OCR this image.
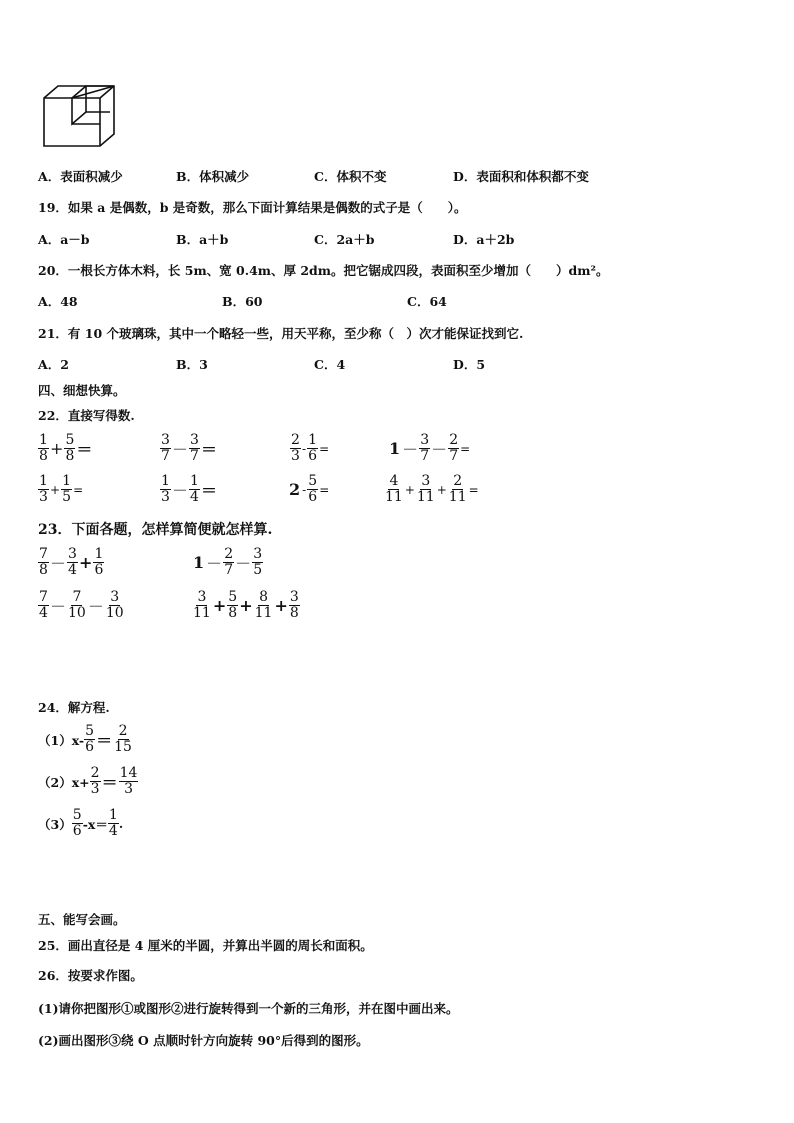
A．表面积减少	B．体积减少	C．体积不变	D．表面积和体积都不变
19．如果 a 是偶数，b 是奇数，那么下面计算结果是偶数的式子是（　　）。
A．a－b	B．a＋b	C．2a＋b	D．a＋2b
20．一根长方体木料，长 5m、宽 0.4m、厚 2dm。把它锯成四段，表面积至少增加（　　）dm²。
A．48	B．60	C．64
21．有 10 个玻璃珠，其中一个略轻一些，用天平称，至少称（　）次才能保证找到它.
A．2	B．3	C．4	D．5
四、细想快算。
22．直接写得数.
$\frac{1}{8} + \frac{5}{8}$ ＝	$\frac{3}{7} - \frac{3}{7}$ ＝	$\frac{2}{3} - \frac{1}{6}$ =	$1 - \frac{3}{7} - \frac{2}{7}$ =
$\frac{1}{3} + \frac{1}{5}$ =	$\frac{1}{3} - \frac{1}{4}$ ＝	$2 - \frac{5}{6}$ =	$\frac{4}{11} + \frac{3}{11} + \frac{2}{11}$ =
23．下面各题，怎样算简便就怎样算.
$\frac{7}{8} - \frac{3}{4} + \frac{1}{6}$	$1 - \frac{2}{7} - \frac{3}{5}$
$\frac{7}{4} - \frac{7}{10} - \frac{3}{10}$	$\frac{3}{11} + \frac{5}{8} + \frac{8}{11} + \frac{3}{8}$
24．解方程.
$(1)x- \frac{5}{6} = \frac{2}{15}$
$(2)x+ \frac{2}{3} = \frac{14}{3}$
$(3) \frac{5}{6} -x= \frac{1}{4}$ .
五、能写会画。
25．画出直径是 4 厘米的半圆，并算出半圆的周长和面积。
26．按要求作图。
(1)请你把图形①或图形②进行旋转得到一个新的三角形，并在图中画出来。
(2)画出图形③绕 O 点顺时针方向旋转 90°后得到的图形。
